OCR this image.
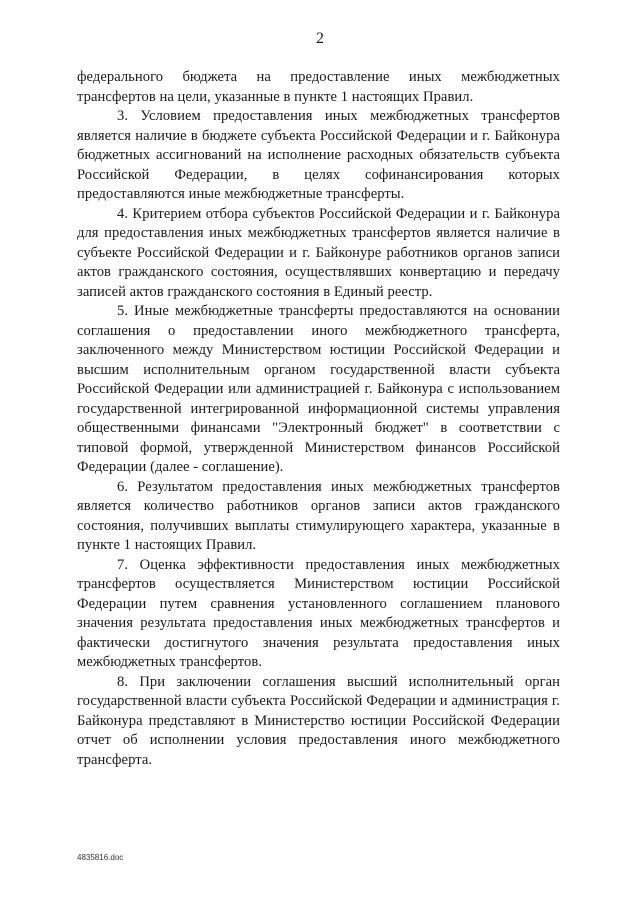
2

федерального бюджета на предоставление иных межбюджетных трансфертов на цели, указанные в пункте 1 настоящих Правил.

3. Условием предоставления иных межбюджетных трансфертов является наличие в бюджете субъекта Российской Федерации и г. Байконура бюджетных ассигнований на исполнение расходных обязательств субъекта Российской Федерации, в целях софинансирования которых предоставляются иные межбюджетные трансферты.

4. Критерием отбора субъектов Российской Федерации и г. Байконура для предоставления иных межбюджетных трансфертов является наличие в субъекте Российской Федерации и г. Байконуре работников органов записи актов гражданского состояния, осуществлявших конвертацию и передачу записей актов гражданского состояния в Единый реестр.

5. Иные межбюджетные трансферты предоставляются на основании соглашения о предоставлении иного межбюджетного трансферта, заключенного между Министерством юстиции Российской Федерации и высшим исполнительным органом государственной власти субъекта Российской Федерации или администрацией г. Байконура с использованием государственной интегрированной информационной системы управления общественными финансами "Электронный бюджет" в соответствии с типовой формой, утвержденной Министерством финансов Российской Федерации (далее - соглашение).

6. Результатом предоставления иных межбюджетных трансфертов является количество работников органов записи актов гражданского состояния, получивших выплаты стимулирующего характера, указанные в пункте 1 настоящих Правил.

7. Оценка эффективности предоставления иных межбюджетных трансфертов осуществляется Министерством юстиции Российской Федерации путем сравнения установленного соглашением планового значения результата предоставления иных межбюджетных трансфертов и фактически достигнутого значения результата предоставления иных межбюджетных трансфертов.

8. При заключении соглашения высший исполнительный орган государственной власти субъекта Российской Федерации и администрация г. Байконура представляют в Министерство юстиции Российской Федерации отчет об исполнении условия предоставления иного межбюджетного трансферта.

4835816.doc
